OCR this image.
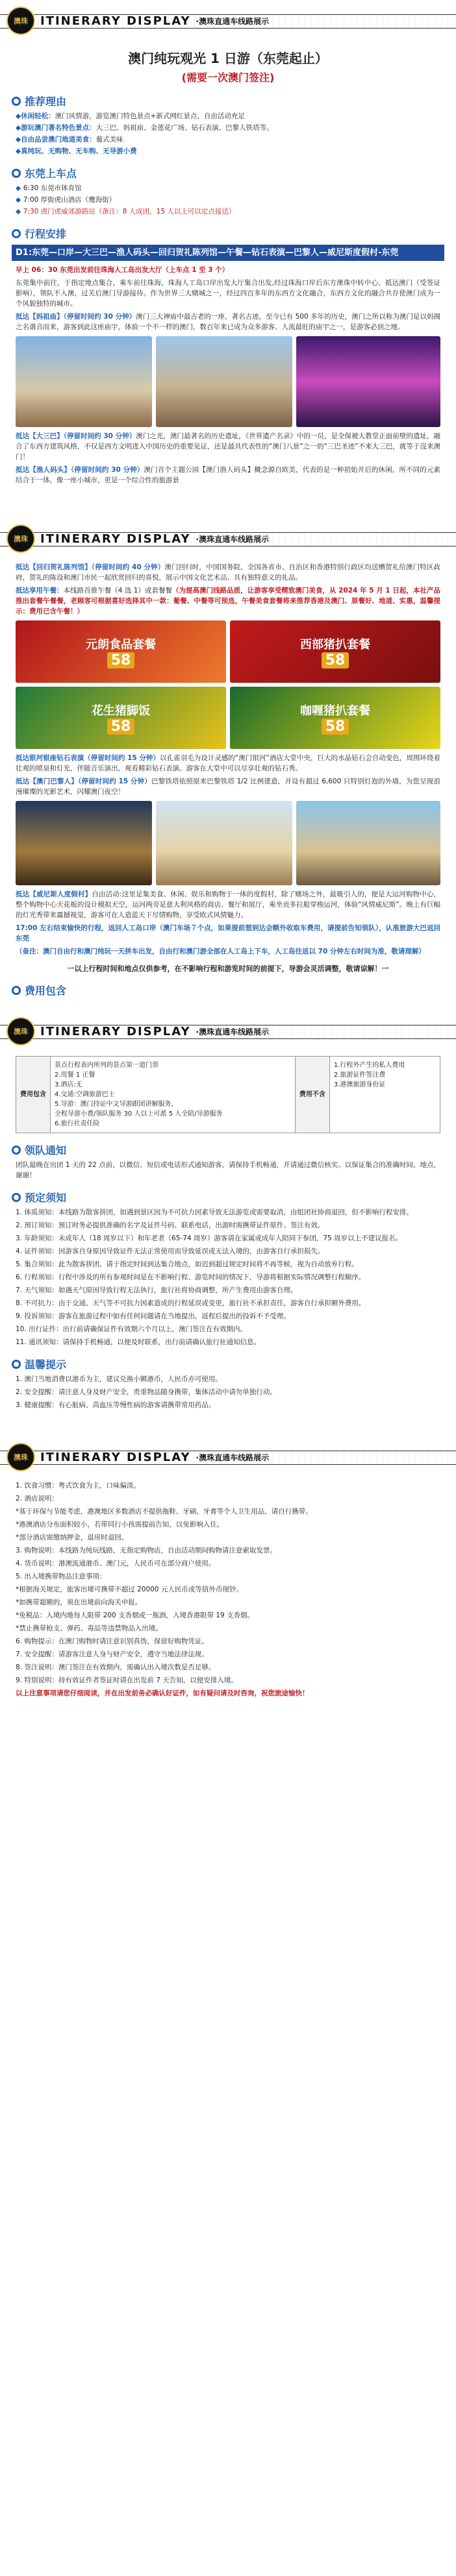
澳珠	ITINERARY DISPLAY ·澳珠直通车线路展示
澳门纯玩观光 1 日游（东莞起止）
(需要一次澳门签注)
推荐理由
◆休闲轻松：澳门风情游，游览澳门特色景点+新式网红景点、自由活动充足
◆游玩澳门著名特色景点：大三巴、妈祖庙、金莲花广场、钻石表演、巴黎人铁塔等。
◆自由品尝澳门地道美食：葡式美味
◆真纯玩、无购物、无车购、无导游小费
东莞上车点
◆ 6:30 东莞市体育馆
◆ 7:00 厚街虎山酒店（鹰海街）
◆ 7:30 虎门虎威郊游路站（备注：8 人成团，15 人以上可以定点接送）
行程安排
D1:东莞—口岸—大三巴—渔人码头—回归贺礼陈列馆—午餐—钻石表演—巴黎人—威尼斯度假村-东莞
早上 06：30 东莞出发前往珠海人工岛出发大厅（上车点 1 至 3 个）
东莞集中前往，于指定地点集合，乘车前往珠海，珠海人工岛口岸出发大厅集合出发,经过珠海口岸后东方澳珠中转中心，抵达澳门（受签证影响），领队不入澳，过关后澳门导游接待。作为世界三大赌城之一，经过四百多年的东西方文化融合，东西方文化的融合共存使澳门成为一个风貌独特的城市。
抵达【妈祖庙】（停留时间约 30 分钟）澳门三大神庙中最古老的一座，著名古迹，至今已有 500 多年的历史，澳门之所以称为澳门是以妈阁之名谐音而来，游客到此这座庙宇，体验一个不一样的澳门，数百年来已成为众多游客、人流最旺的庙宇之一，是游客必到之地。
抵达【大三巴】（停留时间约 30 分钟）澳门之光，澳门最著名的历史遗址，《世界遗产名录》中的一员，是全保被大教堂正面前壁的遗址，融合了东西方建筑风格，不仅是西方文明进入中国历史的重要见证，还是最具代表性的“澳门八景”之一的“三巴圣迹”不来大三巴，就等于没来澳门！
抵达【渔人码头】（停留时间约 30 分钟）澳门首个主题公园【澳门渔人码头】概念源自欧美，代表的是一种初始并后的休闲，所不同的元素结合于一体，像一座小城市，更是一个综合性的旅游景
澳珠	ITINERARY DISPLAY ·澳珠直通车线路展示
抵达【回归贺礼陈列馆】（停留时间约 40 分钟）澳门回归时，中国国务院、全国各省市、自治区和香港特别行政区均送赠贺礼给澳门特区政府，贺礼的陈设和澳门市民一起欣赏回归的喜悦，展示中国文化艺术品、具有独特意义的礼品。
抵达享用午餐：本线路首推午餐（4 选 1）或套餐餐（为提高澳门线路品质，让游客享受精致澳门美食，从 2024 年 5 月 1 日起，本社产品推出套餐午餐餐，老顾客可根据喜好选择其中一款：葡餐、中餐等可预选，午餐美食套餐将来推荐香港及澳门、原餐好、地道、实惠，温馨提示：费用已含午餐！）
元朗食品套餐
58
西部猪扒套餐
58
花生猪脚饭
58
咖喱猪扒套餐
58
抵达银河银座钻石表演（停留时间约 15 分钟）以孔雀羽毛为设计灵感的“澳门银河”酒店大堂中央，巨大的水晶钻石会自动变色，周围环绕着壮观的喷泉和灯光，伴随音乐演出，观看精彩钻石表演。游客在大堂中可以尽享壮观的钻石秀。
抵达【澳门巴黎人】（停留时间约 15 分钟）巴黎铁塔依照原来巴黎铁塔 1/2 比例建造，并设有超过 6,600 只特别灯泡的外墙，为您呈现浪漫璀璨的光影艺术，闪耀澳门夜空！
抵达【威尼斯人度假村】自由活动:这里是集美食、休闲、娱乐和购物于一体的度假村，除了赌场之外，最吸引人的，便是大运河购物中心，整个购物中心天花板的设计模拟天空，运河两旁是意大利风格的商店、餐厅和展厅，乘坐贡多拉船穿梭运河，体验“风情威尼斯”。晚上有巨幅的灯光秀带来震撼视觉，游客可在人造蓝天下尽情购物，享受欧式风情魅力。
17:00 左右结束愉快的行程，返回人工岛口岸（澳门车场７个点，如果提前想到达会额外收取车费用，请提前告知领队），认准旅游大巴返回东莞
（备注：澳门自由行和澳门纯玩一天拼车出发，自由行和澳门游全部在人工岛上下车，人工岛往返以 70 分钟左右时间为准，敬请理解）
一以上行程时间和地点仅供参考，在不影响行程和游览时间的前提下，导游会灵活调整，敬请谅解！一
费用包含
澳珠	ITINERARY DISPLAY ·澳珠直通车线路展示
费用包含	
景点行程表内所列的景点第一道门票
2.用餐 1 正餐
3.酒店:无
4.交通:空调旅游巴士
5.导游：澳门持证中文导游跟团讲解服务，
全程导游小费/领队服务 30 人以上可派 5 人全陪/导游服务
6.旅行社责任险
	费用不含	
1.行程外产生的私人费用
2.旅游证件签注费
3.港澳旅游身份证
领队通知
团队最晚在出团 1 天的 22 点前，以微信、短信或电话形式通知游客，请保持手机畅通，并请通过微信核实。以保证集合的准确时间、地点，谢谢！
预定须知
1. 体质须知：本线路为散客拼团，如遇到景区因为不可抗力因素导致无法游览或需要取消，由组团社协商退回，但不影响行程安排。
2. 预订须知：预订时务必提供准确的名字及证件号码、联系电话，出游时需携带证件原件、签注有效。
3. 年龄须知：未成年人（18 周岁以下）和年老者（65-74 周岁）游客请在家属或成年人陪同下参团，75 周岁以上不建议报名。
4. 证件须知：因游客自身原因导致证件无法正常使用而导致延误或无法入境的，由游客自行承担损失。
5. 集合须知：此为散客拼团，请于指定时间到达集合地点，如迟到超过规定时间将不再等候，视为自动放弃行程。
6. 行程须知：行程中涉及的所有参观时间是在不影响行程、游览时间的情况下，导游将根据实际情况调整行程顺序。
7. 天气须知：如遇天气原因导致行程无法执行，旅行社将协商调整，所产生费用由游客自理。
8. 不可抗力：由于交通、天气等不可抗力因素造成的行程延误或变更，旅行社不承担责任，游客自行承担额外费用。
9. 投诉须知：游客在旅游过程中如有任何问题请在当地提出，返程后提出的投诉不予受理。
10. 出行证件：出行前请确保证件有效期六个月以上，澳门签注在有效期内。
11. 通讯须知：请保持手机畅通，以便及时联系，出行前请确认旅行社通知信息。
温馨提示
1. 澳门当地消费以港币为主，建议兑换小额港币，人民币亦可使用。
2. 安全提醒：请注意人身及财产安全，贵重物品随身携带，集体活动中请勿单独行动。
3. 健康提醒：有心脏病、高血压等慢性病的游客请携带常用药品。
澳珠	ITINERARY DISPLAY ·澳珠直通车线路展示
1. 饮食习惯：粤式饮食为主，口味偏淡。
2. 酒店说明：
*基于环保与节能考虑，港澳地区多数酒店不提供拖鞋、牙刷、牙膏等个人卫生用品，请自行携带。
*港澳酒店分布面积较小，若带同行小孩需提前告知，以免影响入住。
*部分酒店需缴纳押金，退房时退回。
3. 购物说明：本线路为纯玩线路，无指定购物店，自由活动期间购物请注意索取发票。
4. 货币说明：港澳流通港币、澳门元，人民币可在部分商户使用。
5. 出入境携带物品注意事项：
*根据海关规定，旅客出境可携带不超过 20000 元人民币或等值外币现钞。
*如携带超额的，须在出境前向海关申报。
*免税品：入境内地每人限带 200 支香烟或一瓶酒，入境香港限带 19 支香烟。
*禁止携带枪支、弹药、毒品等违禁物品入出境。
6. 购物提示：在澳门购物时请注意识别真伪，保留好购物凭证。
7. 安全提醒：请游客注意人身与财产安全，遵守当地法律法规。
8. 签注说明：澳门签注在有效期内，需确认出入境次数是否足够。
9. 特别说明：持有效证件者签证时请在出发前 7 天告知，以便安排入境。
以上注意事项请您仔细阅读，并在出发前务必确认好证件，如有疑问请及时咨询，祝您旅途愉快！
